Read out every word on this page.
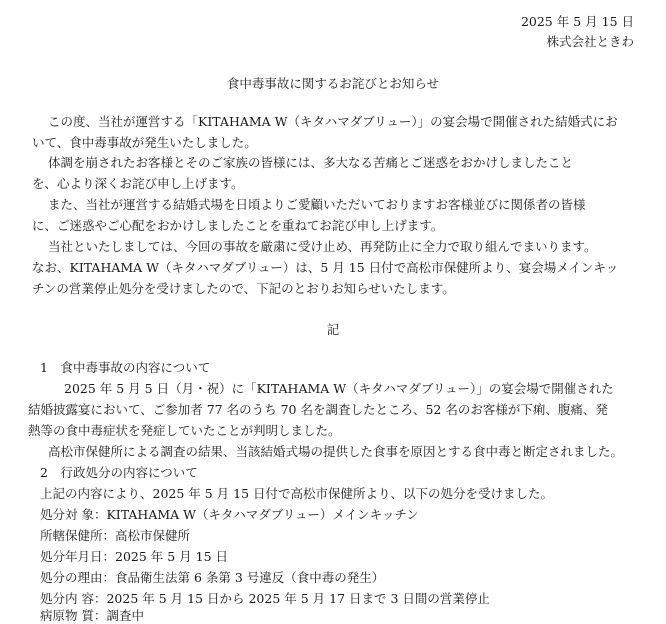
2025 年 5 月 15 日
株式会社ときわ
食中毒事故に関するお詫びとお知らせ
この度、当社が運営する「KITAHAMA W（キタハマダブリュー）」の宴会場で開催された結婚式にお
いて、食中毒事故が発生いたしました。
体調を崩されたお客様とそのご家族の皆様には、多大なる苦痛とご迷惑をおかけしましたこと
を、心より深くお詫び申し上げます。
また、当社が運営する結婚式場を日頃よりご愛顧いただいておりますお客様並びに関係者の皆様
に、ご迷惑やご心配をおかけしましたことを重ねてお詫び申し上げます。
当社といたしましては、今回の事故を厳粛に受け止め、再発防止に全力で取り組んでまいります。
なお、KITAHAMA W（キタハマダブリュー）は、5 月 15 日付で高松市保健所より、宴会場メインキッ
チンの営業停止処分を受けましたので、下記のとおりお知らせいたします。
記
1　食中毒事故の内容について
2025 年 5 月 5 日（月・祝）に「KITAHAMA W（キタハマダブリュー）」の宴会場で開催された
結婚披露宴において、ご参加者 77 名のうち 70 名を調査したところ、52 名のお客様が下痢、腹痛、発
熱等の食中毒症状を発症していたことが判明しました。
高松市保健所による調査の結果、当該結婚式場の提供した食事を原因とする食中毒と断定されました。
2　行政処分の内容について
上記の内容により、2025 年 5 月 15 日付で高松市保健所より、以下の処分を受けました。
処分対 象：KITAHAMA W（キタハマダブリュー）メインキッチン
所轄保健所：高松市保健所
処分年月日：2025 年 5 月 15 日
処分の理由：食品衛生法第 6 条第 3 号違反（食中毒の発生）
処分内 容：2025 年 5 月 15 日から 2025 年 5 月 17 日まで 3 日間の営業停止
病原物 質：調査中
